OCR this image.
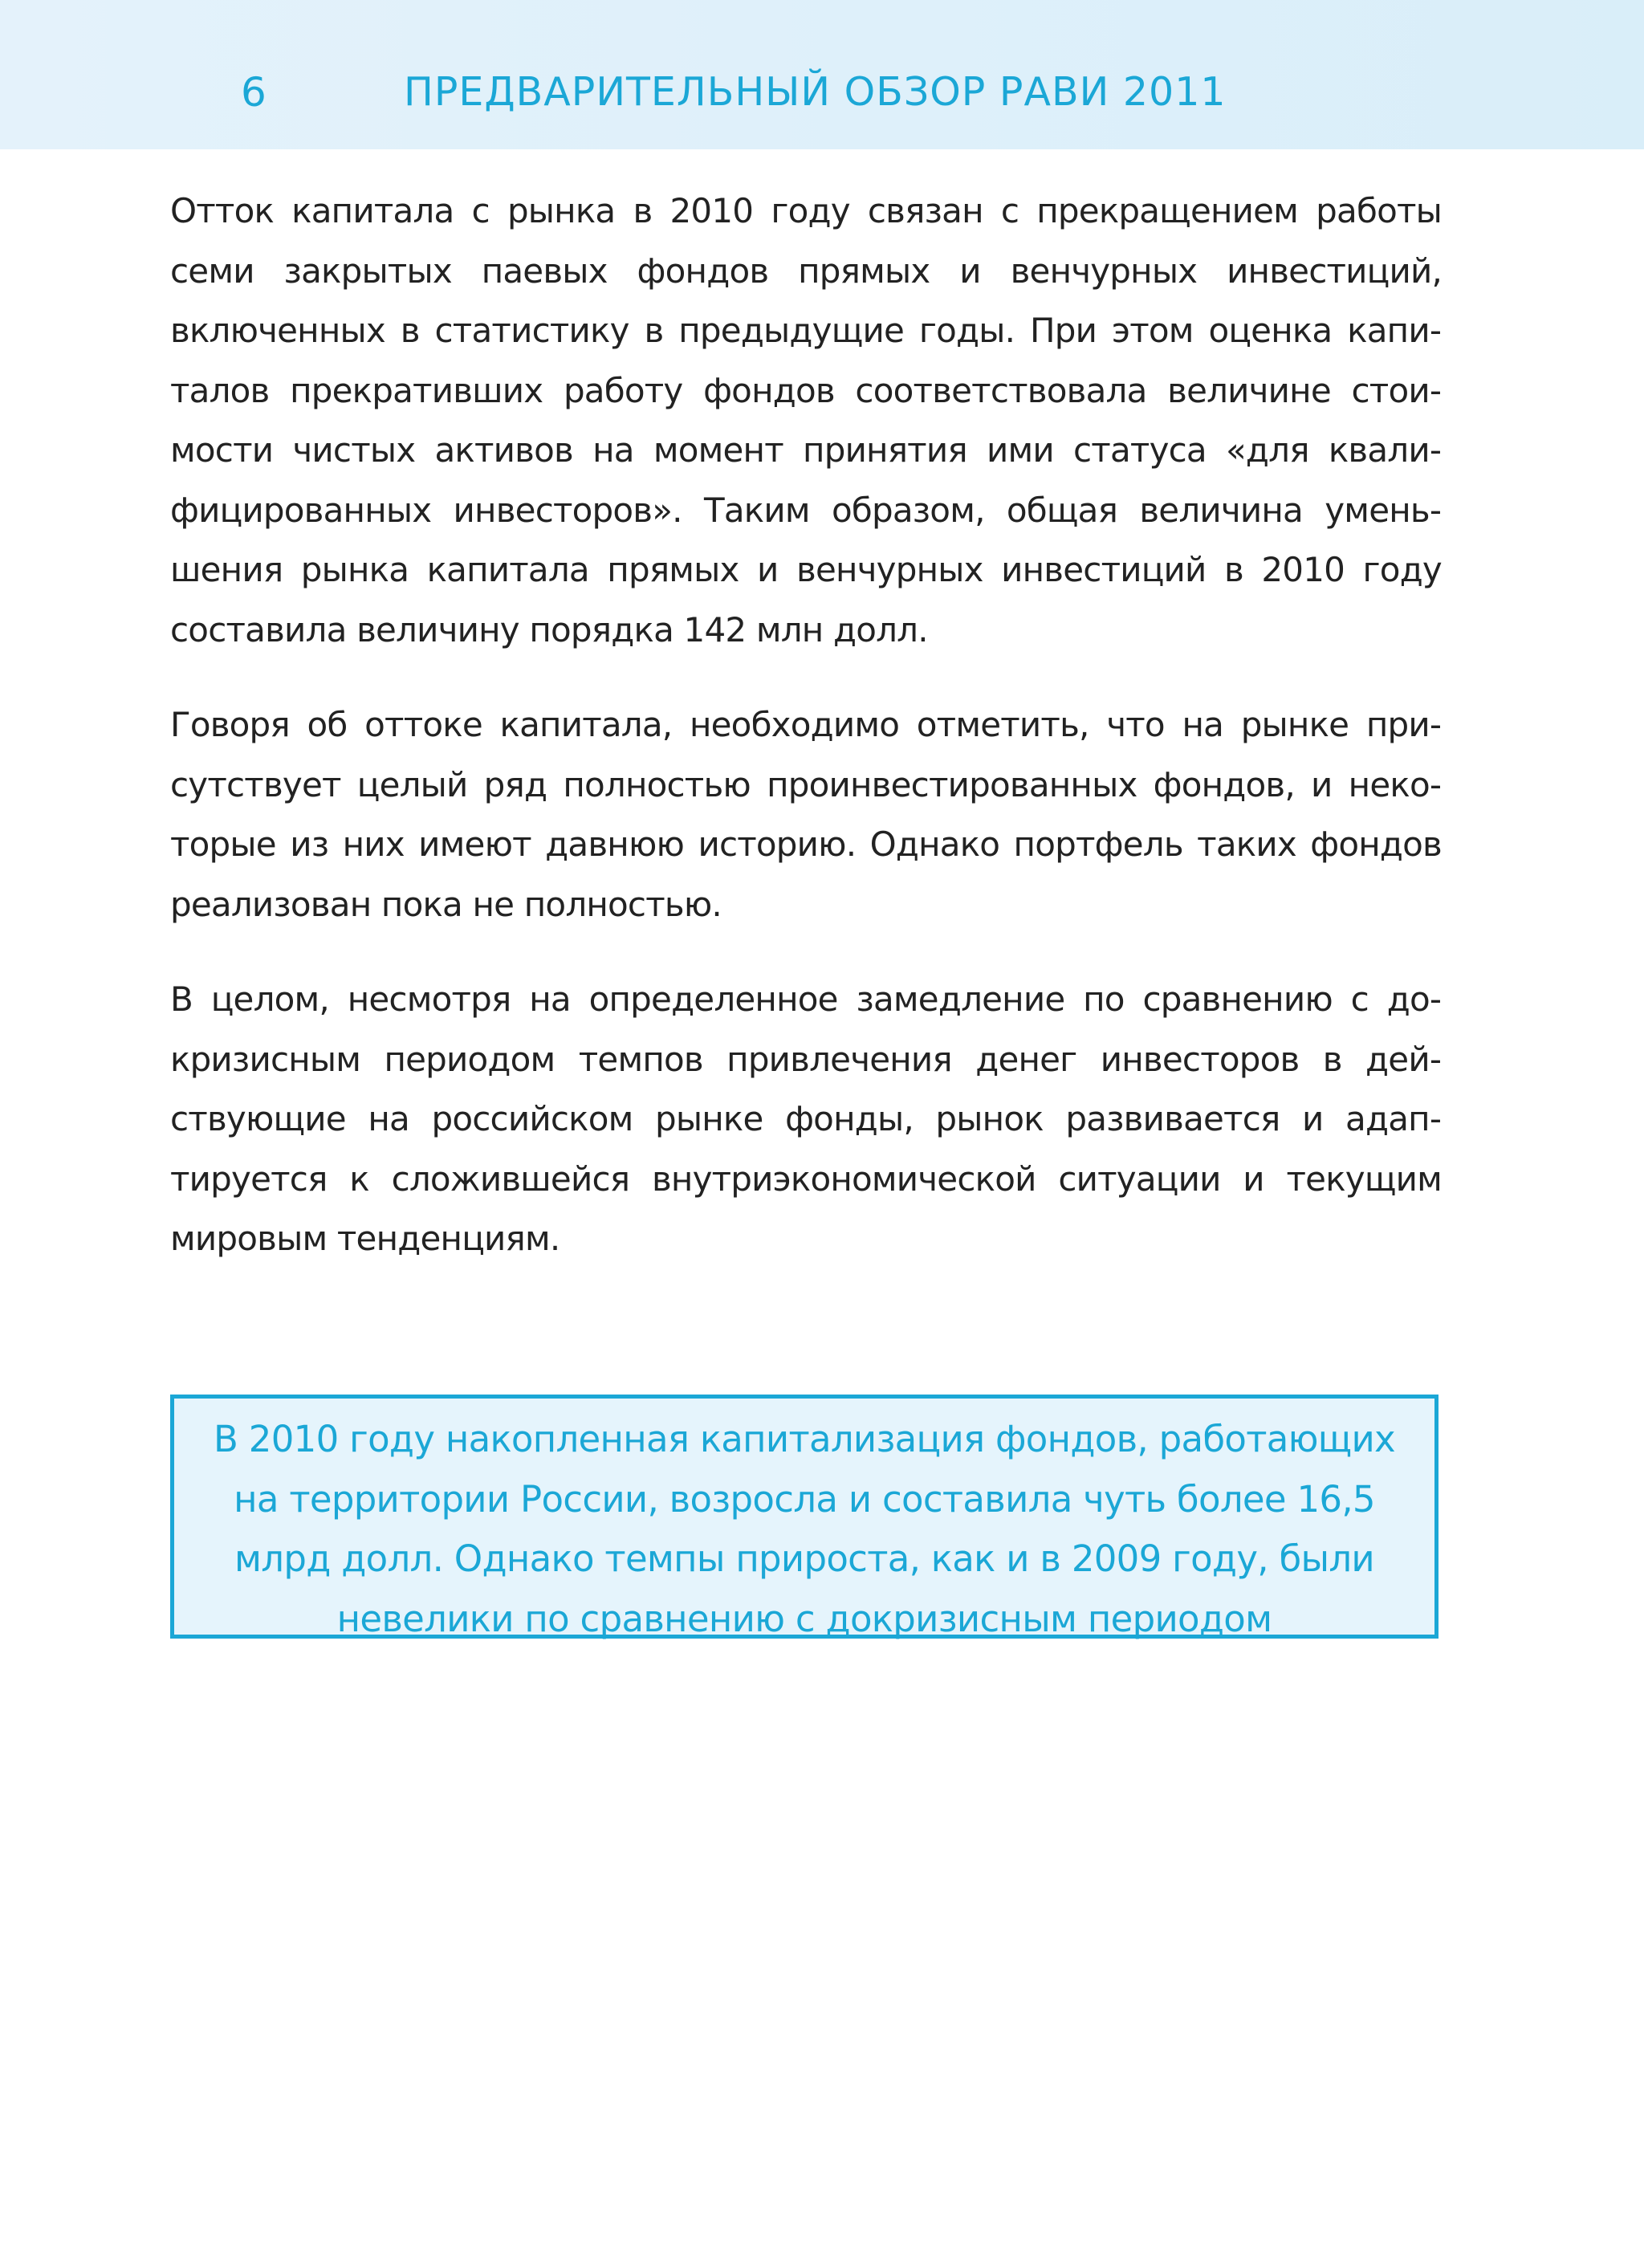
6	ПРЕДВАРИТЕЛЬНЫЙ ОБЗОР РАВИ 2011

Отток капитала с рынка в 2010 году связан с прекращением работы семи закрытых паевых фондов прямых и венчурных инвестиций, включенных в статистику в предыдущие годы. При этом оценка капиталов прекративших работу фондов соответствовала величине стоимости чистых активов на момент принятия ими статуса «для квалифицированных инвесторов». Таким образом, общая величина уменьшения рынка капитала прямых и венчурных инвестиций в 2010 году составила величину порядка 142 млн долл.

Говоря об оттоке капитала, необходимо отметить, что на рынке присутствует целый ряд полностью проинвестированных фондов, и некоторые из них имеют давнюю историю. Однако портфель таких фондов реализован пока не полностью.

В целом, несмотря на определенное замедление по сравнению с докризисным периодом темпов привлечения денег инвесторов в действующие на российском рынке фонды, рынок развивается и адаптируется к сложившейся внутриэкономической ситуации и текущим мировым тенденциям.

В 2010 году накопленная капитализация фондов, работающих на территории России, возросла и составила чуть более 16,5 млрд долл. Однако темпы прироста, как и в 2009 году, были невелики по сравнению с докризисным периодом
